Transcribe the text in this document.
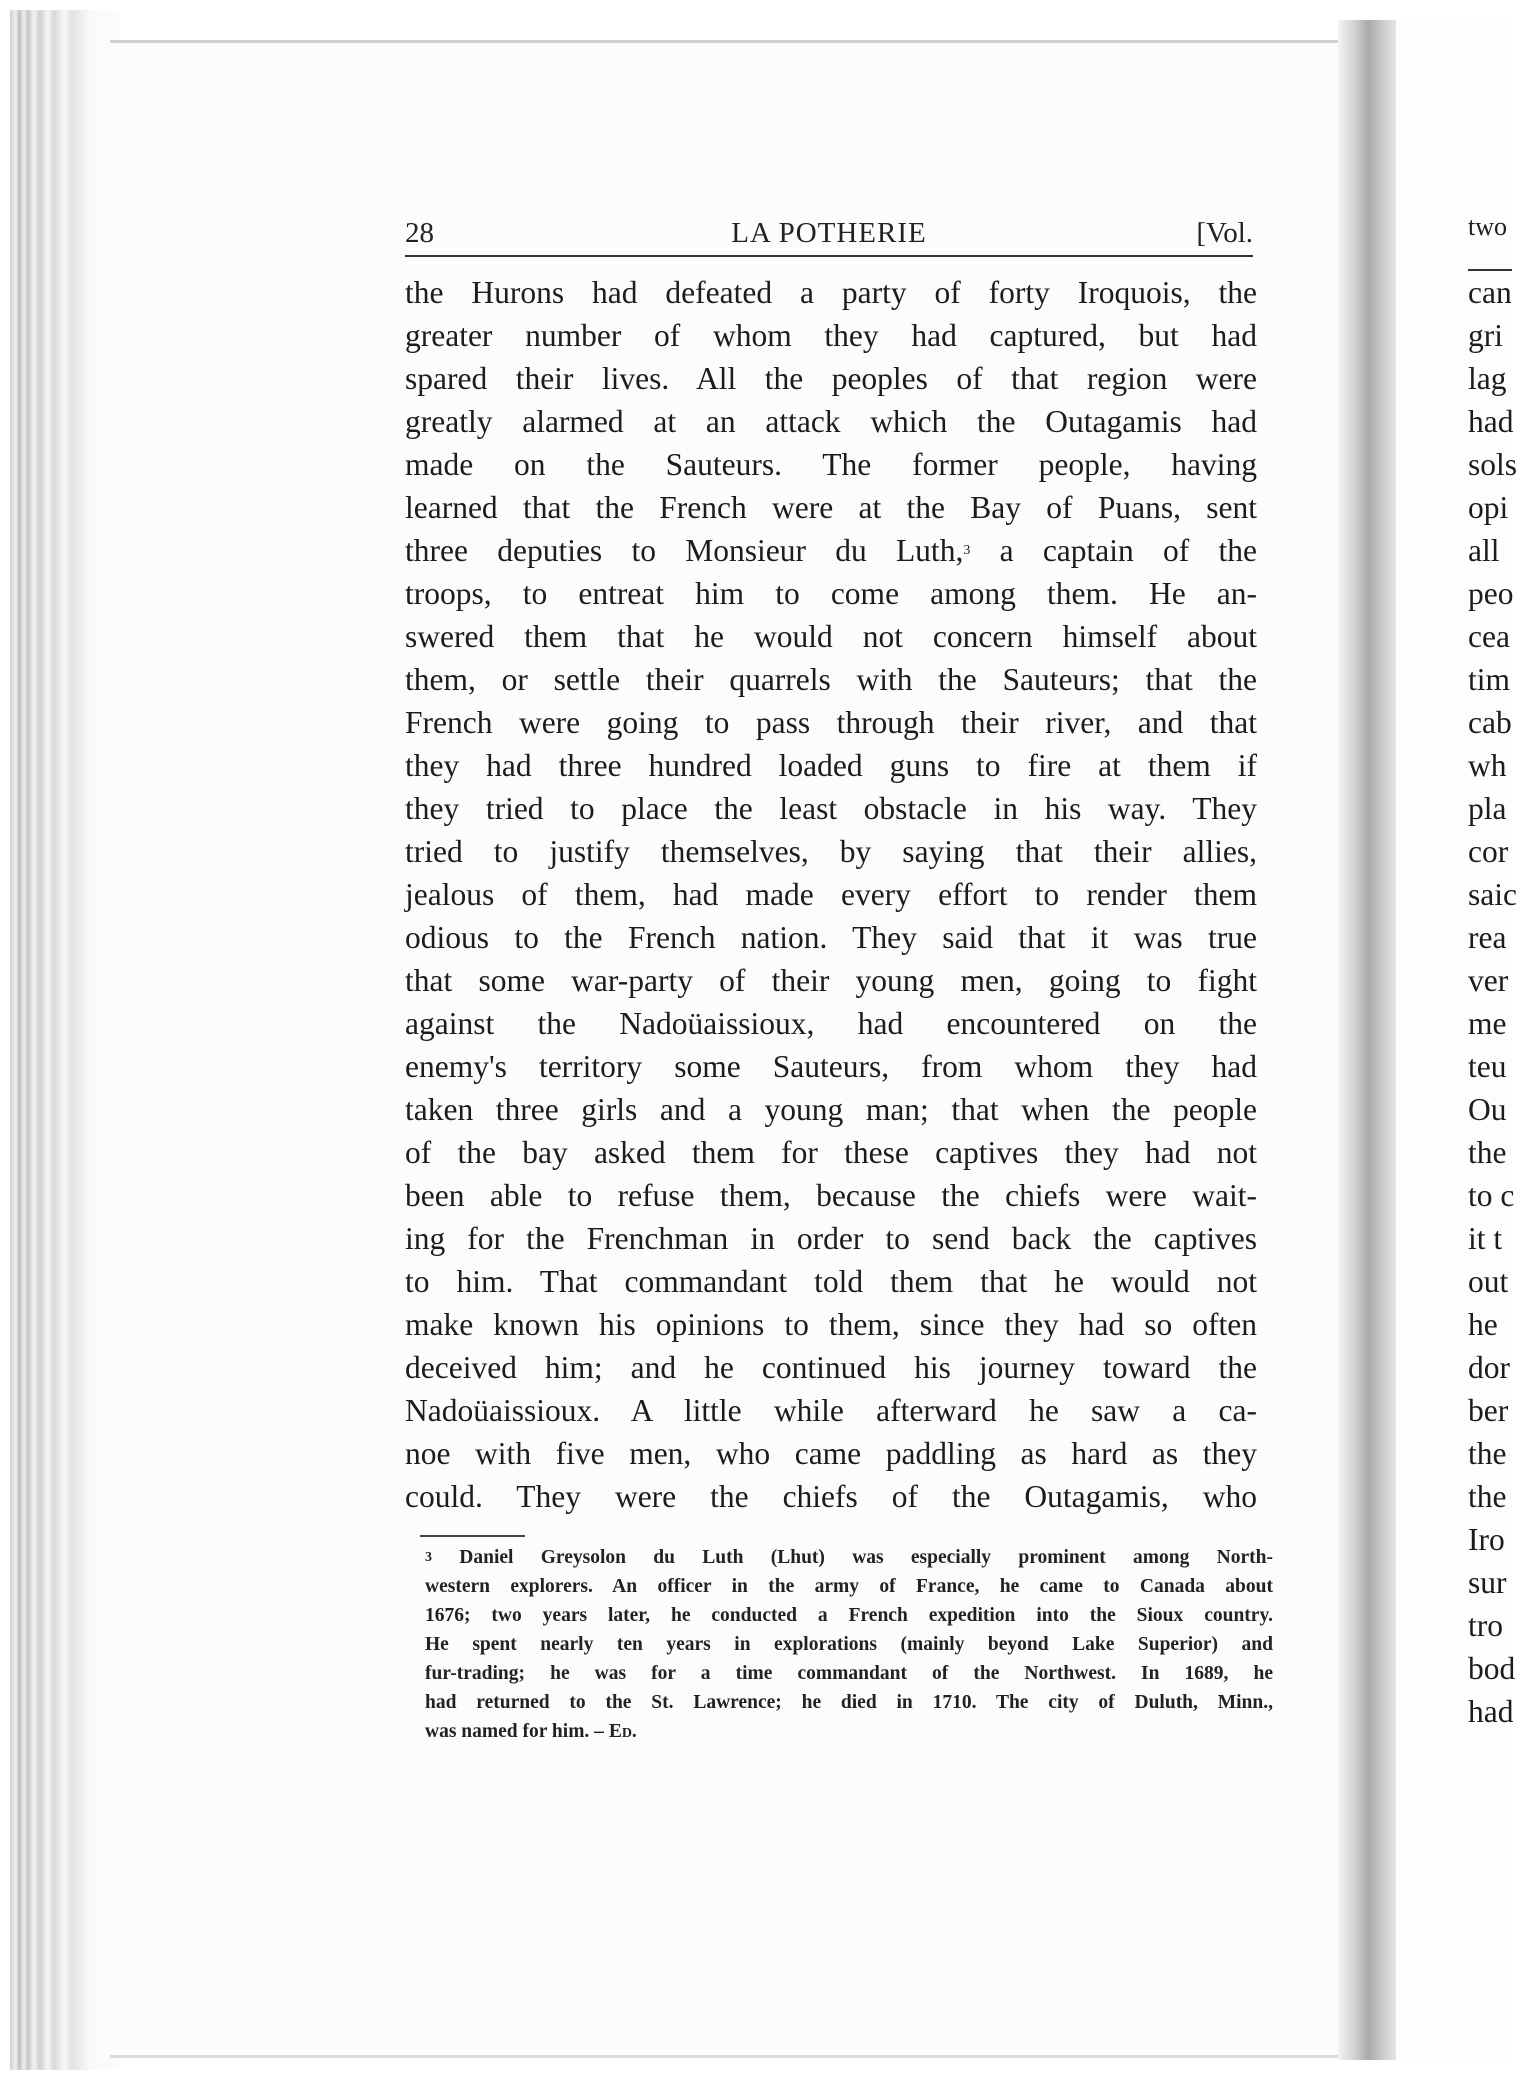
28	LA POTHERIE	[Vol.
the Hurons had defeated a party of forty Iroquois, the
greater number of whom they had captured, but had
spared their lives. All the peoples of that region were
greatly alarmed at an attack which the Outagamis had
made on the Sauteurs. The former people, having
learned that the French were at the Bay of Puans, sent
three deputies to Monsieur du Luth,$^3$ a captain of the
troops, to entreat him to come among them. He an-
swered them that he would not concern himself about
them, or settle their quarrels with the Sauteurs; that the
French were going to pass through their river, and that
they had three hundred loaded guns to fire at them if
they tried to place the least obstacle in his way. They
tried to justify themselves, by saying that their allies,
jealous of them, had made every effort to render them
odious to the French nation. They said that it was true
that some war-party of their young men, going to fight
against the Nadoüaissioux, had encountered on the
enemy's territory some Sauteurs, from whom they had
taken three girls and a young man; that when the people
of the bay asked them for these captives they had not
been able to refuse them, because the chiefs were wait-
ing for the Frenchman in order to send back the captives
to him. That commandant told them that he would not
make known his opinions to them, since they had so often
deceived him; and he continued his journey toward the
Nadoüaissioux. A little while afterward he saw a ca-
noe with five men, who came paddling as hard as they
could. They were the chiefs of the Outagamis, who
$^3$ Daniel Greysolon du Luth (Lhut) was especially prominent among North-
western explorers. An officer in the army of France, he came to Canada about
1676; two years later, he conducted a French expedition into the Sioux country.
He spent nearly ten years in explorations (mainly beyond Lake Superior) and
fur-trading; he was for a time commandant of the Northwest. In 1689, he
had returned to the St. Lawrence; he died in 1710. The city of Duluth, Minn.,
was named for him. – Ed.
two
can
gri
lag
had
sols
opi
all
peo
cea
tim
cab
wh
pla
cor
saic
rea
ver
me
teu
Ou
the
to c
it t
out
he
dor
ber
the
the
Iro
sur
tro
bod
had
